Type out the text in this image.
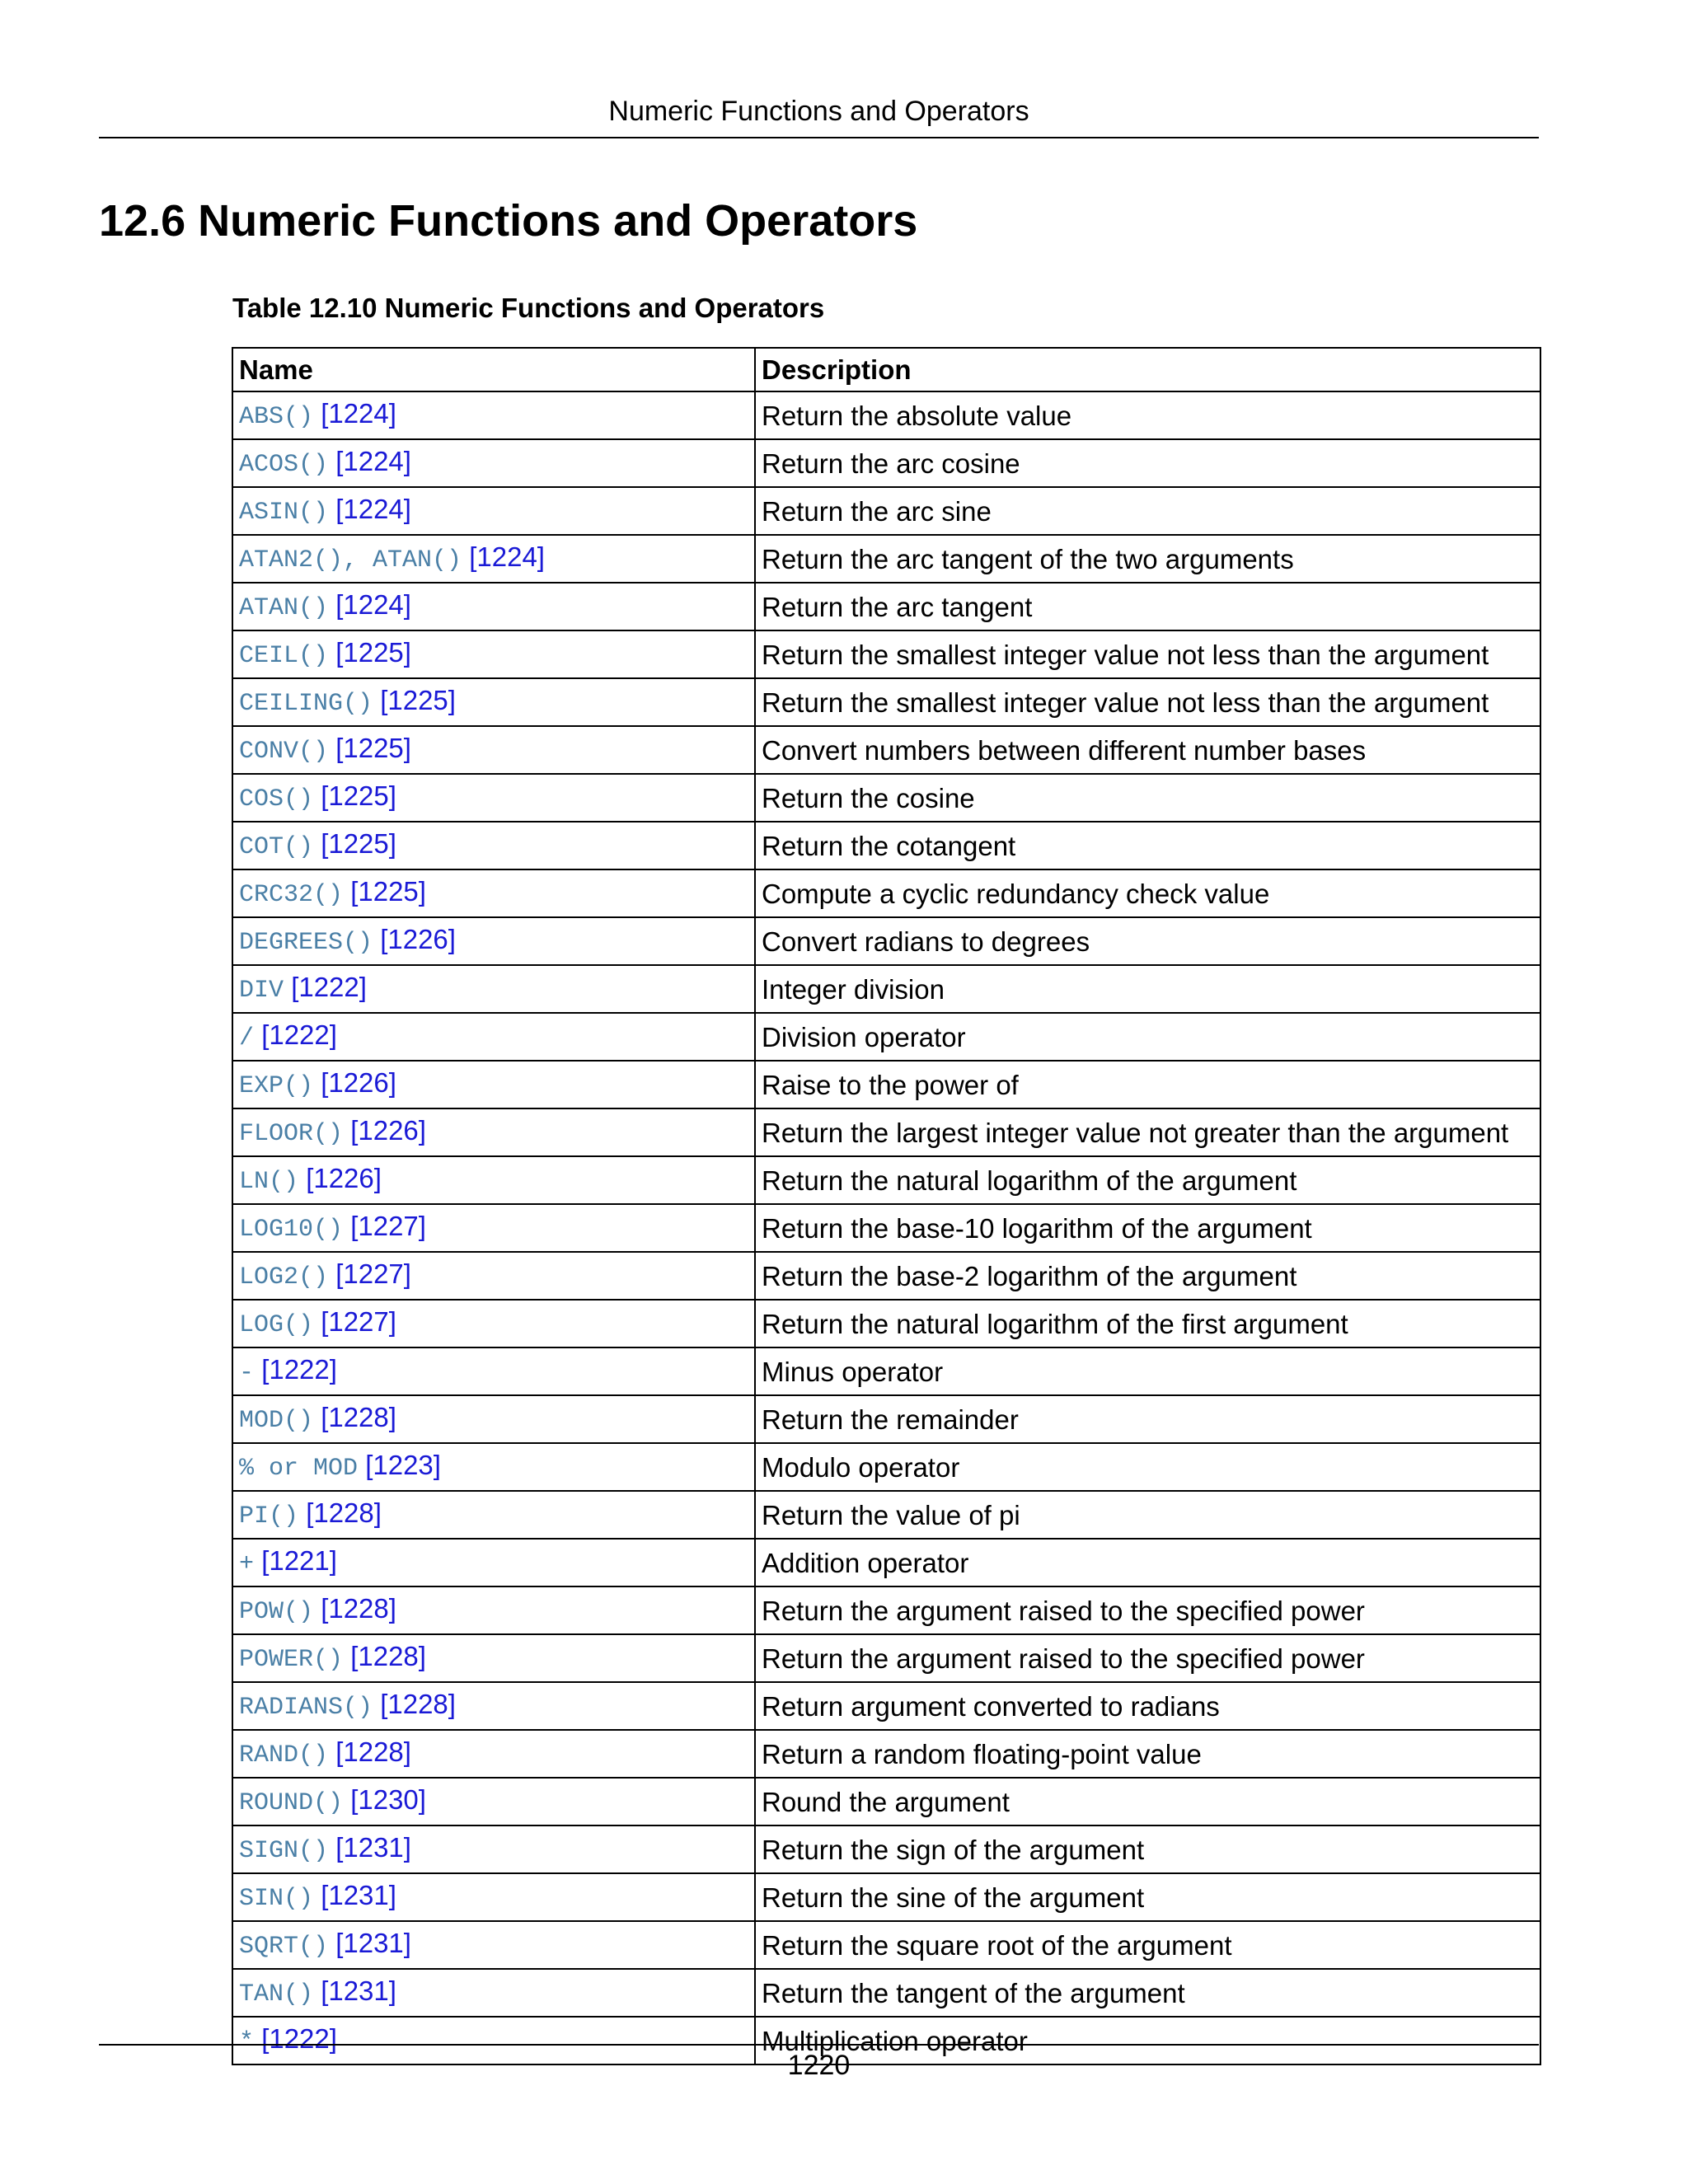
Numeric Functions and Operators
12.6 Numeric Functions and Operators
Table 12.10 Numeric Functions and Operators
Name	Description
ABS() [1224]	Return the absolute value
ACOS() [1224]	Return the arc cosine
ASIN() [1224]	Return the arc sine
ATAN2(), ATAN() [1224]	Return the arc tangent of the two arguments
ATAN() [1224]	Return the arc tangent
CEIL() [1225]	Return the smallest integer value not less than the argument
CEILING() [1225]	Return the smallest integer value not less than the argument
CONV() [1225]	Convert numbers between different number bases
COS() [1225]	Return the cosine
COT() [1225]	Return the cotangent
CRC32() [1225]	Compute a cyclic redundancy check value
DEGREES() [1226]	Convert radians to degrees
DIV [1222]	Integer division
/ [1222]	Division operator
EXP() [1226]	Raise to the power of
FLOOR() [1226]	Return the largest integer value not greater than the argument
LN() [1226]	Return the natural logarithm of the argument
LOG10() [1227]	Return the base-10 logarithm of the argument
LOG2() [1227]	Return the base-2 logarithm of the argument
LOG() [1227]	Return the natural logarithm of the first argument
- [1222]	Minus operator
MOD() [1228]	Return the remainder
% or MOD [1223]	Modulo operator
PI() [1228]	Return the value of pi
+ [1221]	Addition operator
POW() [1228]	Return the argument raised to the specified power
POWER() [1228]	Return the argument raised to the specified power
RADIANS() [1228]	Return argument converted to radians
RAND() [1228]	Return a random floating-point value
ROUND() [1230]	Round the argument
SIGN() [1231]	Return the sign of the argument
SIN() [1231]	Return the sine of the argument
SQRT() [1231]	Return the square root of the argument
TAN() [1231]	Return the tangent of the argument
* [1222]	Multiplication operator
1220
